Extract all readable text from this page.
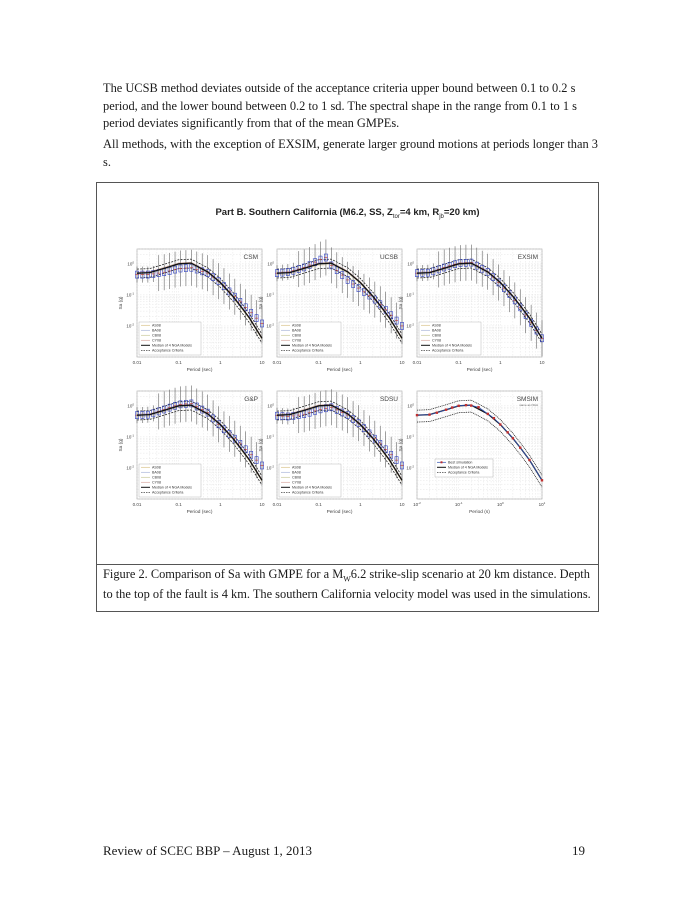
The UCSB method deviates outside of the acceptance criteria upper bound between 0.1 to 0.2 s period, and the lower bound between 0.2 to 1 sd. The spectral shape in the range from 0.1 to 1 s period deviates significantly from that of the mean GMPEs.
All methods, with the exception of EXSIM, generate larger ground motions at periods longer than 3 s.
Part B. Southern California (M6.2, SS, $Z_{tor}=4$ km, $R_{jb}=20$ km)
0.01	0.1	1	10
$10^0$
$10^{-1}$
$10^{-2}$
Period (sec)
Sa (g)
CSM
AS08
BA08
CB08
CY08
Median of 4 NGA Models
Acceptance Criteria
0.01	0.1	1	10
$10^0$
$10^{-1}$
$10^{-2}$
Period (sec)
Sa (g)
UCSB
AS08
BA08
CB08
CY08
Median of 4 NGA Models
Acceptance Criteria
0.01	0.1	1	10
$10^0$
$10^{-1}$
$10^{-2}$
Period (sec)
Sa (g)
EXSIM
AS08
BA08
CB08
CY08
Median of 4 NGA Models
Acceptance Criteria
0.01	0.1	1	10
$10^0$
$10^{-1}$
$10^{-2}$
Period (sec)
Sa (g)
G&P
AS08
BA08
CB08
CY08
Median of 4 NGA Models
Acceptance Criteria
0.01	0.1	1	10
$10^0$
$10^{-1}$
$10^{-2}$
Period (sec)
Sa (g)
SDSU
AS08
BA08
CB08
CY08
Median of 4 NGA Models
Acceptance Criteria
$10^{-2}$	$10^{-1}$	$10^0$	$10^1$
$10^0$
$10^{-1}$
$10^{-2}$
Period (s)
Sa (g)
SMSIM
same as NGA
Best simulation
Median of 4 NGA Models
Acceptance Criteria
Figure 2. Comparison of Sa with GMPE for a $M_W6.2$ strike-slip scenario at 20 km distance. Depth to the top of the fault is 4 km. The southern California velocity model was used in the simulations.
Review of SCEC BBP – August 1, 2013	19
